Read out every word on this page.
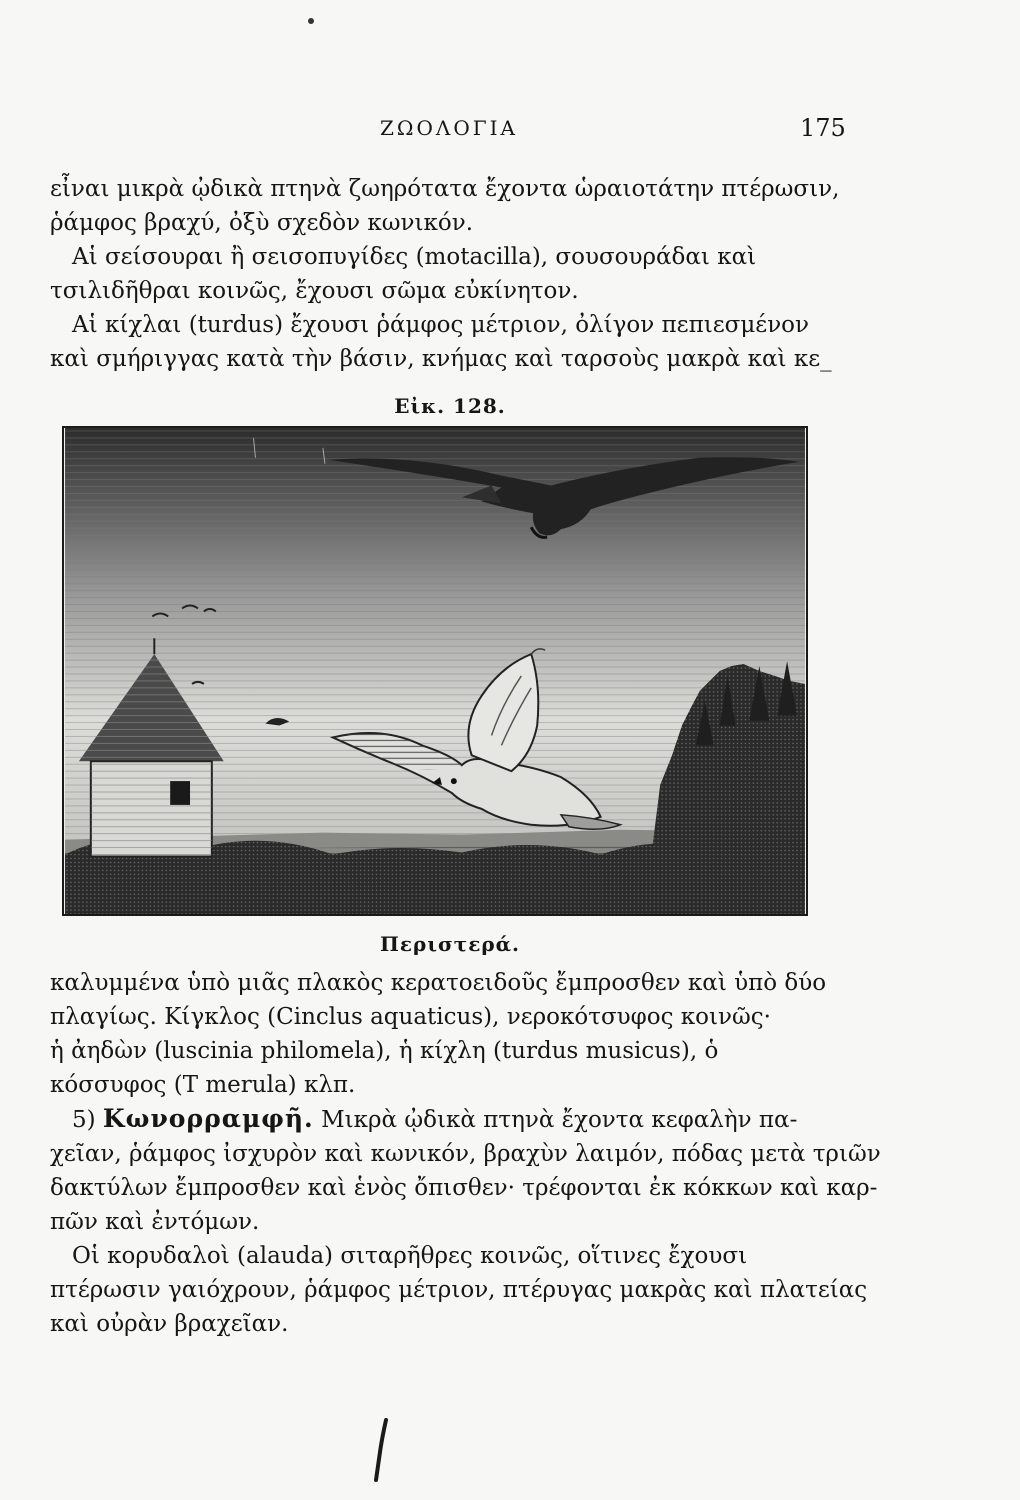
ΖΩΟΛΟΓΙΑ	175

εἶναι μικρὰ ᾠδικὰ πτηνὰ ζωηρότατα ἔχοντα ὡραιοτάτην πτέρωσιν,
ῥάμφος βραχύ, ὀξὺ σχεδὸν κωνικόν.

Αἱ σείσουραι ἢ σεισοπυγίδες (motacilla), σουσουράδαι καὶ
τσιλιδῆθραι κοινῶς, ἔχουσι σῶμα εὐκίνητον.

Αἱ κίχλαι (turdus) ἔχουσι ῥάμφος μέτριον, ὀλίγον πεπιεσμένον
καὶ σμήριγγας κατὰ τὴν βάσιν, κνήμας καὶ ταρσοὺς μακρὰ καὶ κε_

Εἰκ. 128.
Περιστερά.

καλυμμένα ὑπὸ μιᾶς πλακὸς κερατοειδοῦς ἔμπροσθεν καὶ ὑπὸ δύο
πλαγίως. Κίγκλος (Cinclus aquaticus), νεροκότσυφος κοινῶς·
ἡ ἀηδὼν (luscinia philomela), ἡ κίχλη (turdus musicus), ὁ
κόσσυφος (T merula) κλπ.

5) Κωνορραμφῆ. Μικρὰ ᾠδικὰ πτηνὰ ἔχοντα κεφαλὴν πα-
χεῖαν, ῥάμφος ἰσχυρὸν καὶ κωνικόν, βραχὺν λαιμόν, πόδας μετὰ τριῶν
δακτύλων ἔμπροσθεν καὶ ἑνὸς ὄπισθεν· τρέφονται ἐκ κόκκων καὶ καρ-
πῶν καὶ ἐντόμων.

Οἱ κορυδαλοὶ (alauda) σιταρῆθρες κοινῶς, οἵτινες ἔχουσι
πτέρωσιν γαιόχρουν, ῥάμφος μέτριον, πτέρυγας μακρὰς καὶ πλατείας
καὶ οὐρὰν βραχεῖαν.
